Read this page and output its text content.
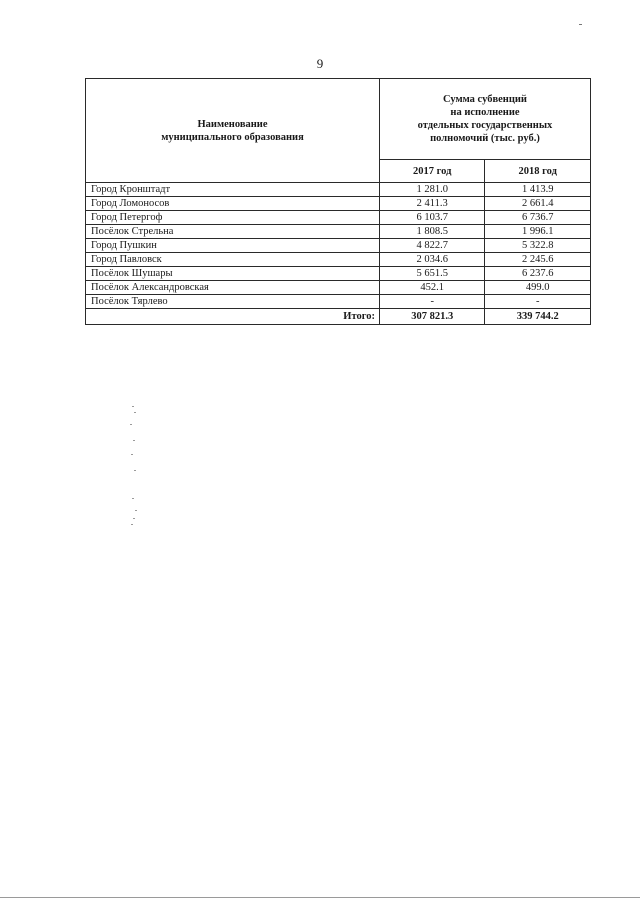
9
Наименование
муниципального образования	Сумма субвенций
на исполнение
отдельных государственных
полномочий (тыс. руб.)	
	2017 год	2018 год
Город Кронштадт	1 281.0	1 413.9
Город Ломоносов	2 411.3	2 661.4
Город Петергоф	6 103.7	6 736.7
Посёлок Стрельна	1 808.5	1 996.1
Город Пушкин	4 822.7	5 322.8
Город Павловск	2 034.6	2 245.6
Посёлок Шушары	5 651.5	6 237.6
Посёлок Александровская	452.1	499.0
Посёлок Тярлево	-	-
Итого:	307 821.3	339 744.2
